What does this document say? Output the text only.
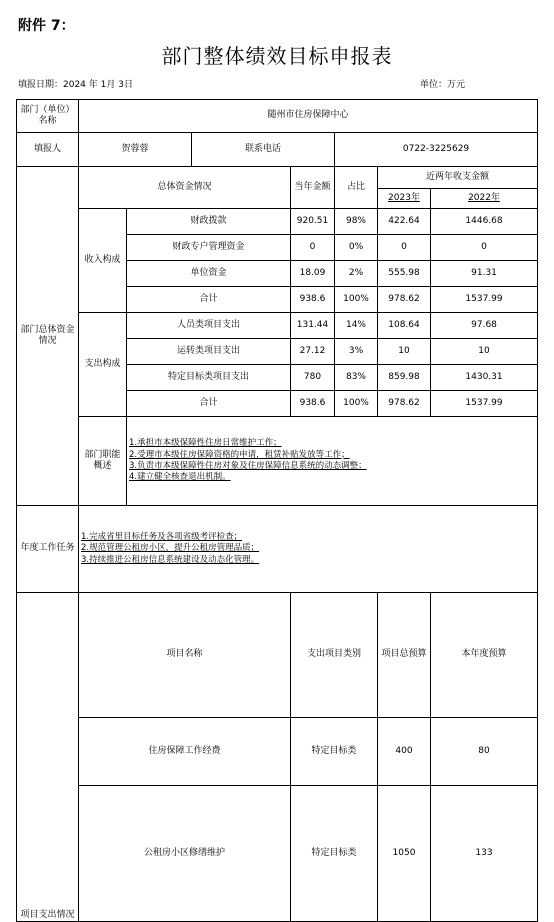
附件 7：
部门整体绩效目标申报表
填报日期：2024 年 1月 3日	单位：万元
部门（单位）名称	随州市住房保障中心							
填报人	贺蓉蓉		联系电话		0722-3225629			
部门总体资金情况	总体资金情况			当年金额	占比	近两年收支金额		

						2023年	2022年	

	收入构成	财政拨款		920.51	98%	422.64	1446.68	
		财政专户管理资金		0	0%	0	0	
		单位资金		18.09	2%	555.98	91.31	
		合计		938.6	100%	978.62	1537.99	
	支出构成	人员类项目支出		131.44	14%	108.64	97.68	
		运转类项目支出		27.12	3%	10	10	
		特定目标类项目支出		780	83%	859.98	1430.31	
		合计		938.6	100%	978.62	1537.99	
	部门职能概述	1.承担市本级保障性住房日常维护工作；
2.受理市本级住房保障资格的申请，租赁补贴发放等工作；
3.负责市本级保障性住房对象及住房保障信息系统的动态调整；
4.建立健全核查退出机制。						

年度工作任务	1.完成省里目标任务及各项省级考评检查；
2.规范管理公租房小区，提升公租房管理品质；
3.持续推进公租房信息系统建设及动态化管理。							

项目支出情况	项目名称			支出项目类别		项目总预算	本年度预算	
	住房保障工作经费			特定目标类		400	80	
	公租房小区修缮维护			特定目标类		1050	133	
